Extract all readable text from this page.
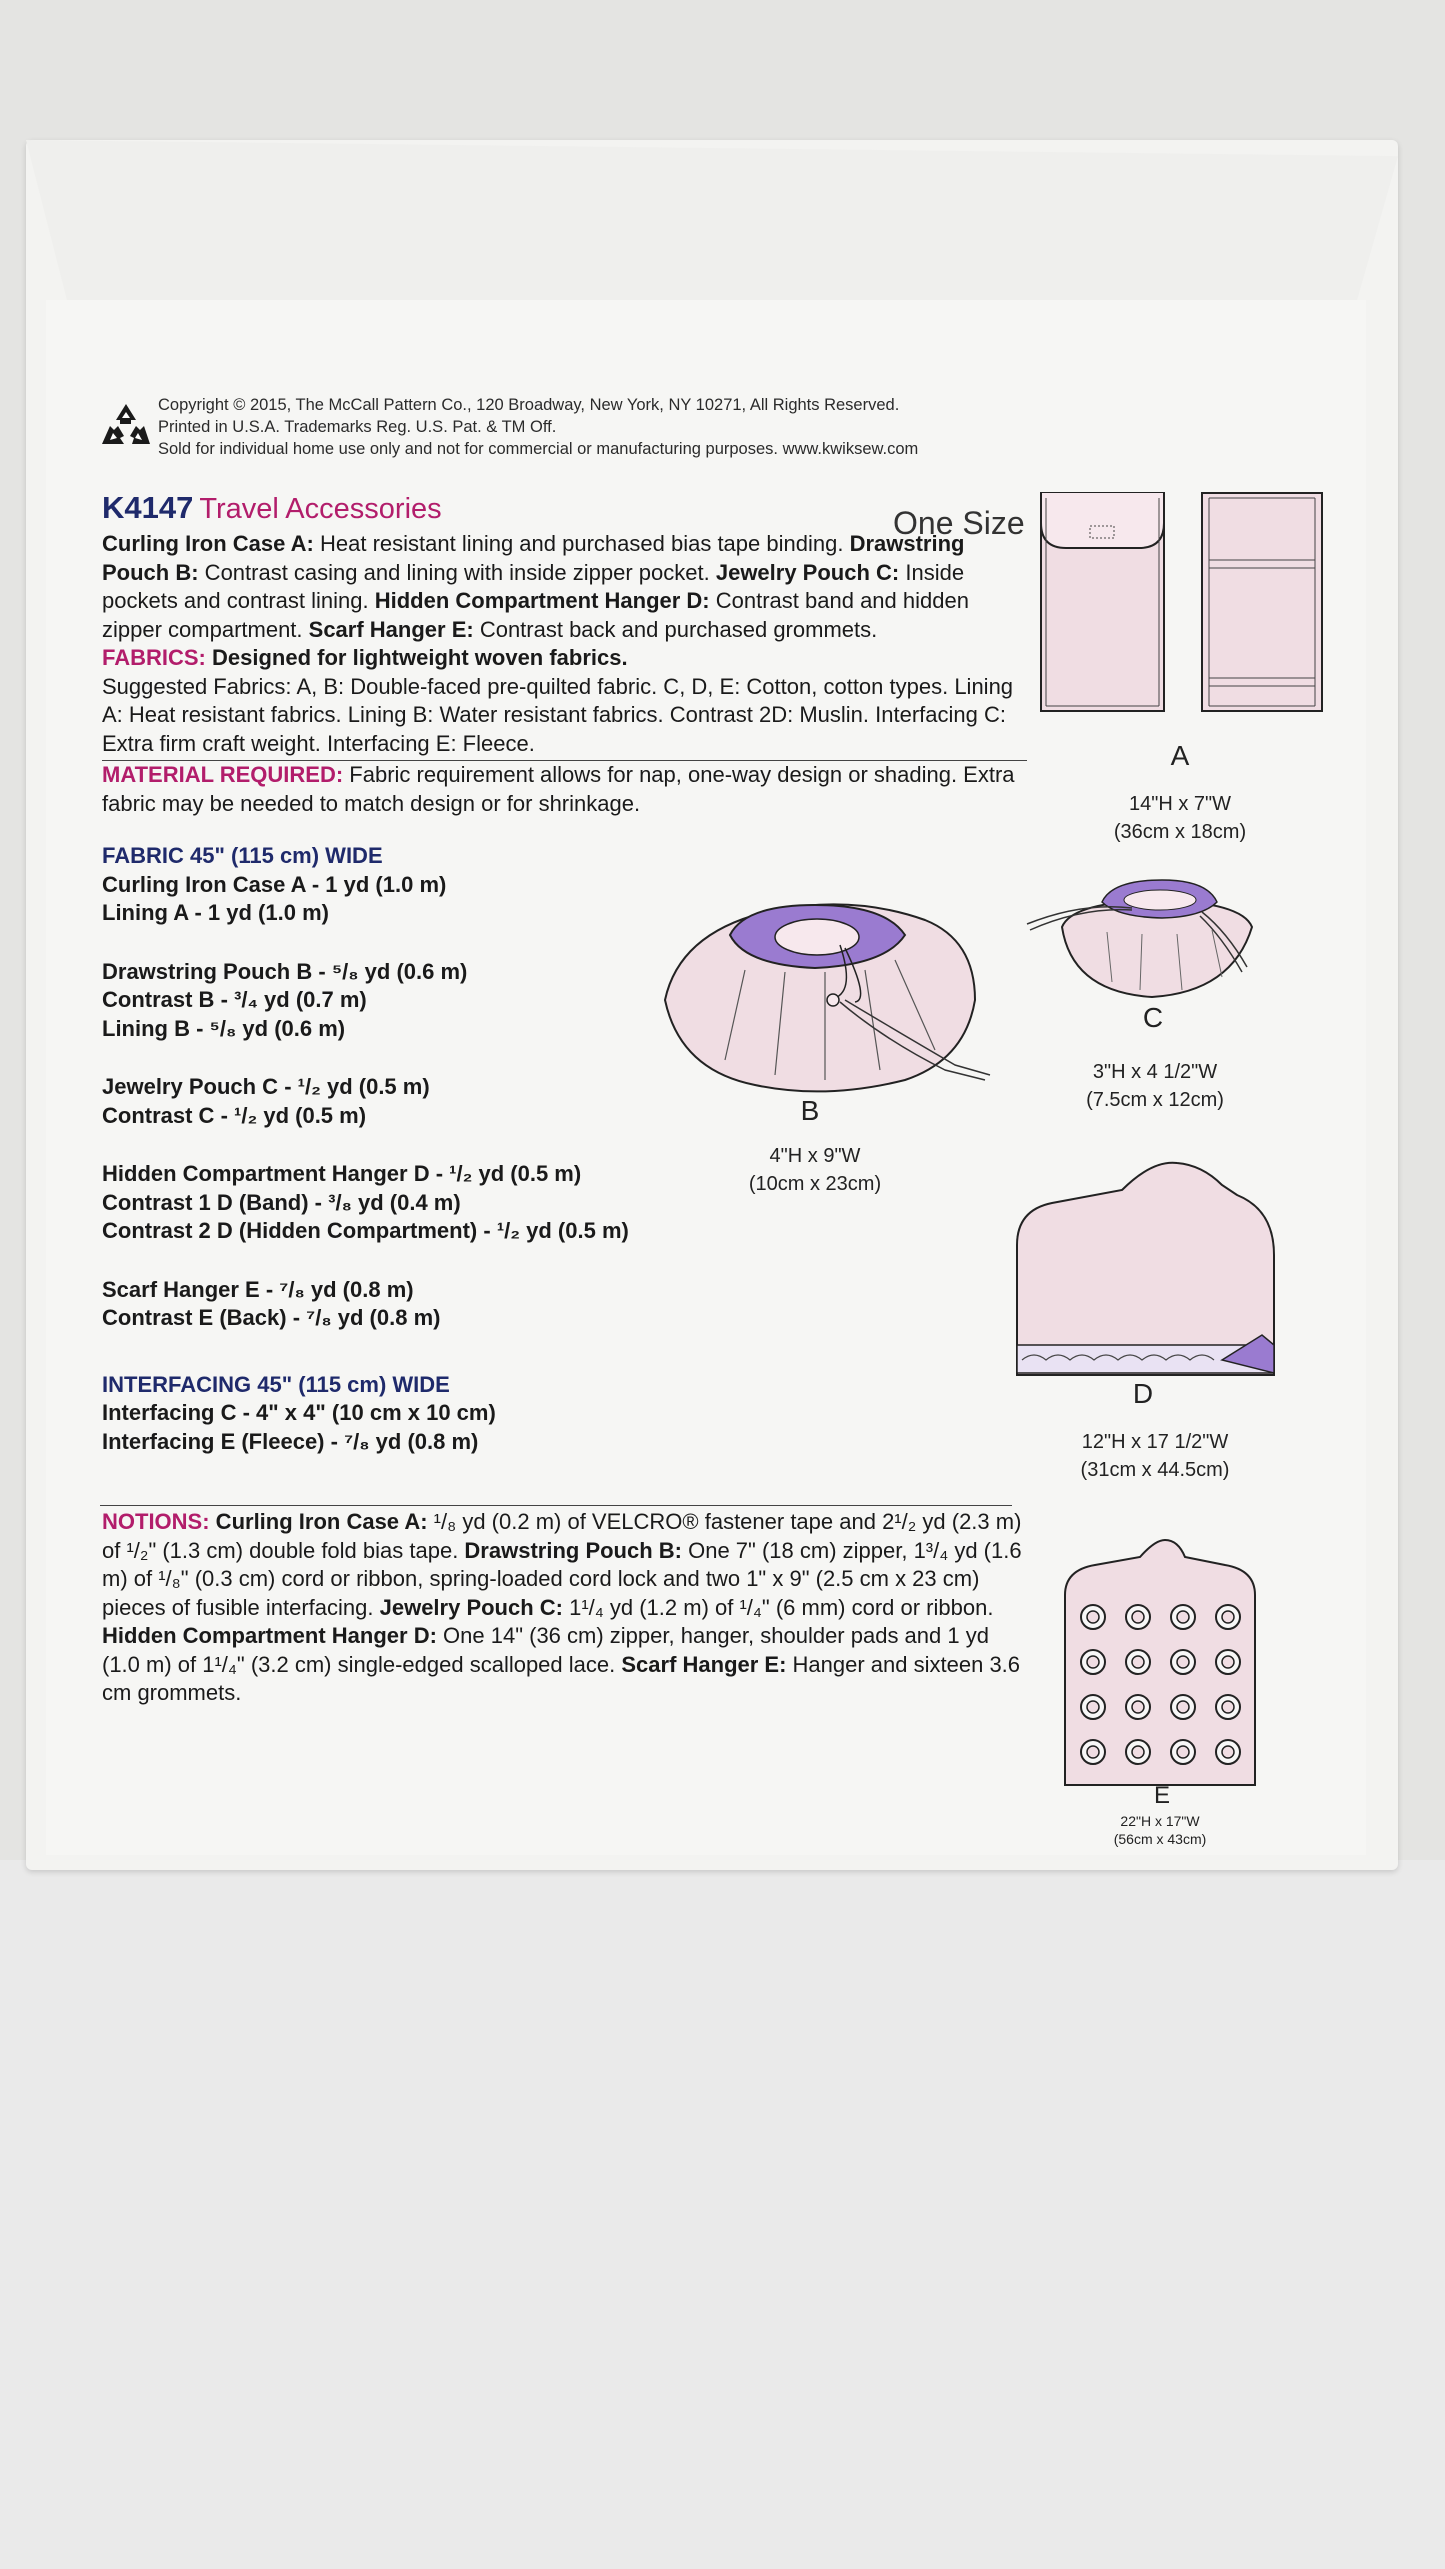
Copyright © 2015, The McCall Pattern Co., 120 Broadway, New York, NY 10271, All Rights Reserved.
Printed in U.S.A. Trademarks Reg. U.S. Pat. & TM Off.
Sold for individual home use only and not for commercial or manufacturing purposes. www.kwiksew.com
K4147 Travel Accessories	One Size
Curling Iron Case A: Heat resistant lining and purchased bias tape binding. Drawstring Pouch B: Contrast casing and lining with inside zipper pocket. Jewelry Pouch C: Inside pockets and contrast lining. Hidden Compartment Hanger D: Contrast band and hidden zipper compartment. Scarf Hanger E: Contrast back and purchased grommets.
FABRICS: Designed for lightweight woven fabrics.
Suggested Fabrics: A, B: Double-faced pre-quilted fabric. C, D, E: Cotton, cotton types. Lining A: Heat resistant fabrics. Lining B: Water resistant fabrics. Contrast 2D: Muslin. Interfacing C: Extra firm craft weight. Interfacing E: Fleece.
MATERIAL REQUIRED: Fabric requirement allows for nap, one-way design or shading. Extra fabric may be needed to match design or for shrinkage.
FABRIC 45" (115 cm) WIDE
Curling Iron Case A - 1 yd (1.0 m)
Lining A - 1 yd (1.0 m)
Drawstring Pouch B - ⁵/₈ yd (0.6 m)
Contrast B - ³/₄ yd (0.7 m)
Lining B - ⁵/₈ yd (0.6 m)
Jewelry Pouch C - ¹/₂ yd (0.5 m)
Contrast C - ¹/₂ yd (0.5 m)
Hidden Compartment Hanger D - ¹/₂ yd (0.5 m)
Contrast 1 D (Band) - ³/₈ yd (0.4 m)
Contrast 2 D (Hidden Compartment) - ¹/₂ yd (0.5 m)
Scarf Hanger E - ⁷/₈ yd (0.8 m)
Contrast E (Back) - ⁷/₈ yd (0.8 m)
INTERFACING 45" (115 cm) WIDE
Interfacing C - 4" x 4" (10 cm x 10 cm)
Interfacing E (Fleece) - ⁷/₈ yd (0.8 m)
NOTIONS: Curling Iron Case A: ¹/₈ yd (0.2 m) of VELCRO® fastener tape and 2¹/₂ yd (2.3 m) of ¹/₂" (1.3 cm) double fold bias tape. Drawstring Pouch B: One 7" (18 cm) zipper, 1³/₄ yd (1.6 m) of ¹/₈" (0.3 cm) cord or ribbon, spring-loaded cord lock and two 1" x 9" (2.5 cm x 23 cm) pieces of fusible interfacing. Jewelry Pouch C: 1¹/₄ yd (1.2 m) of ¹/₄" (6 mm) cord or ribbon. Hidden Compartment Hanger D: One 14" (36 cm) zipper, hanger, shoulder pads and 1 yd (1.0 m) of 1¹/₄" (3.2 cm) single-edged scalloped lace. Scarf Hanger E: Hanger and sixteen 3.6 cm grommets.
A
14"H x 7"W
(36cm x 18cm)
B
4"H x 9"W
(10cm x 23cm)
C
3"H x 4 1/2"W
(7.5cm x 12cm)
D
12"H x 17 1/2"W
(31cm x 44.5cm)
E
22"H x 17"W
(56cm x 43cm)
